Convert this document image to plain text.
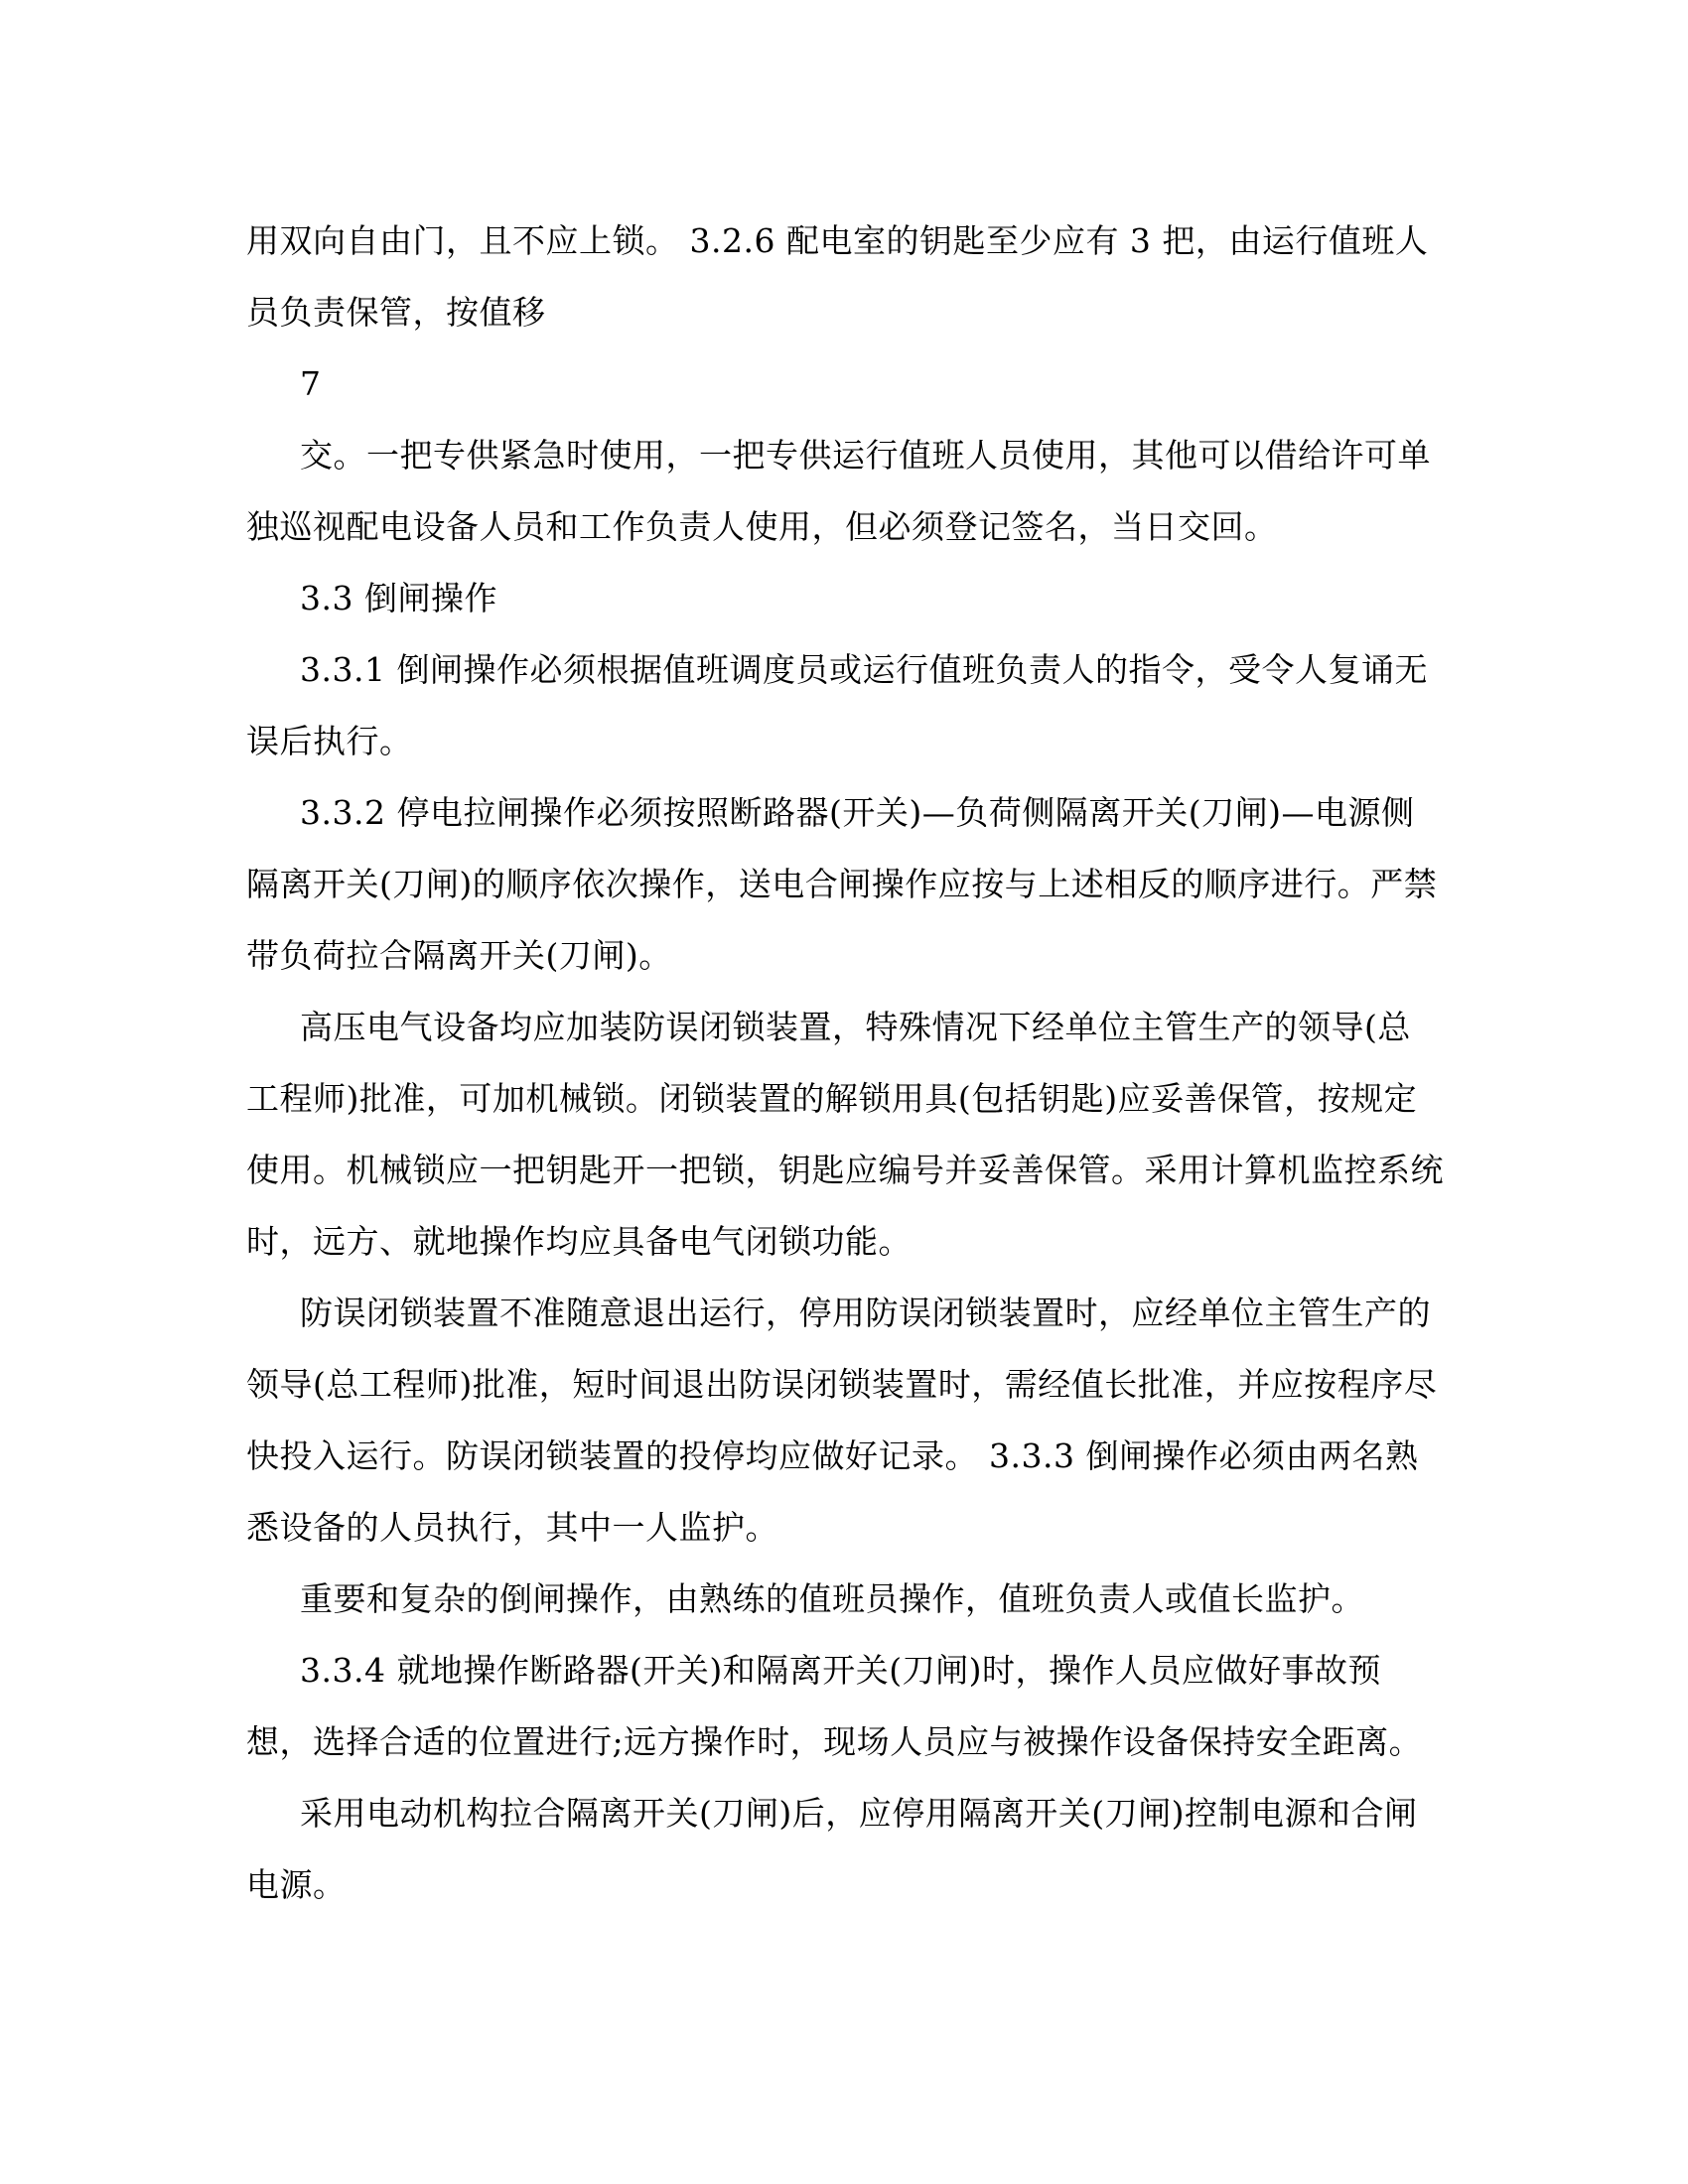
用双向自由门，且不应上锁。 3.2.6 配电室的钥匙至少应有 3 把，由运行值班人
员负责保管，按值移
7
交。一把专供紧急时使用，一把专供运行值班人员使用，其他可以借给许可单
独巡视配电设备人员和工作负责人使用，但必须登记签名，当日交回。
3.3 倒闸操作
3.3.1 倒闸操作必须根据值班调度员或运行值班负责人的指令，受令人复诵无
误后执行。
3.3.2 停电拉闸操作必须按照断路器(开关)—负荷侧隔离开关(刀闸)—电源侧
隔离开关(刀闸)的顺序依次操作，送电合闸操作应按与上述相反的顺序进行。严禁
带负荷拉合隔离开关(刀闸)。
高压电气设备均应加装防误闭锁装置，特殊情况下经单位主管生产的领导(总
工程师)批准，可加机械锁。闭锁装置的解锁用具(包括钥匙)应妥善保管，按规定
使用。机械锁应一把钥匙开一把锁，钥匙应编号并妥善保管。采用计算机监控系统
时，远方、就地操作均应具备电气闭锁功能。
防误闭锁装置不准随意退出运行，停用防误闭锁装置时，应经单位主管生产的
领导(总工程师)批准，短时间退出防误闭锁装置时，需经值长批准，并应按程序尽
快投入运行。防误闭锁装置的投停均应做好记录。 3.3.3 倒闸操作必须由两名熟
悉设备的人员执行，其中一人监护。
重要和复杂的倒闸操作，由熟练的值班员操作，值班负责人或值长监护。
3.3.4 就地操作断路器(开关)和隔离开关(刀闸)时，操作人员应做好事故预
想，选择合适的位置进行;远方操作时，现场人员应与被操作设备保持安全距离。
采用电动机构拉合隔离开关(刀闸)后，应停用隔离开关(刀闸)控制电源和合闸
电源。
